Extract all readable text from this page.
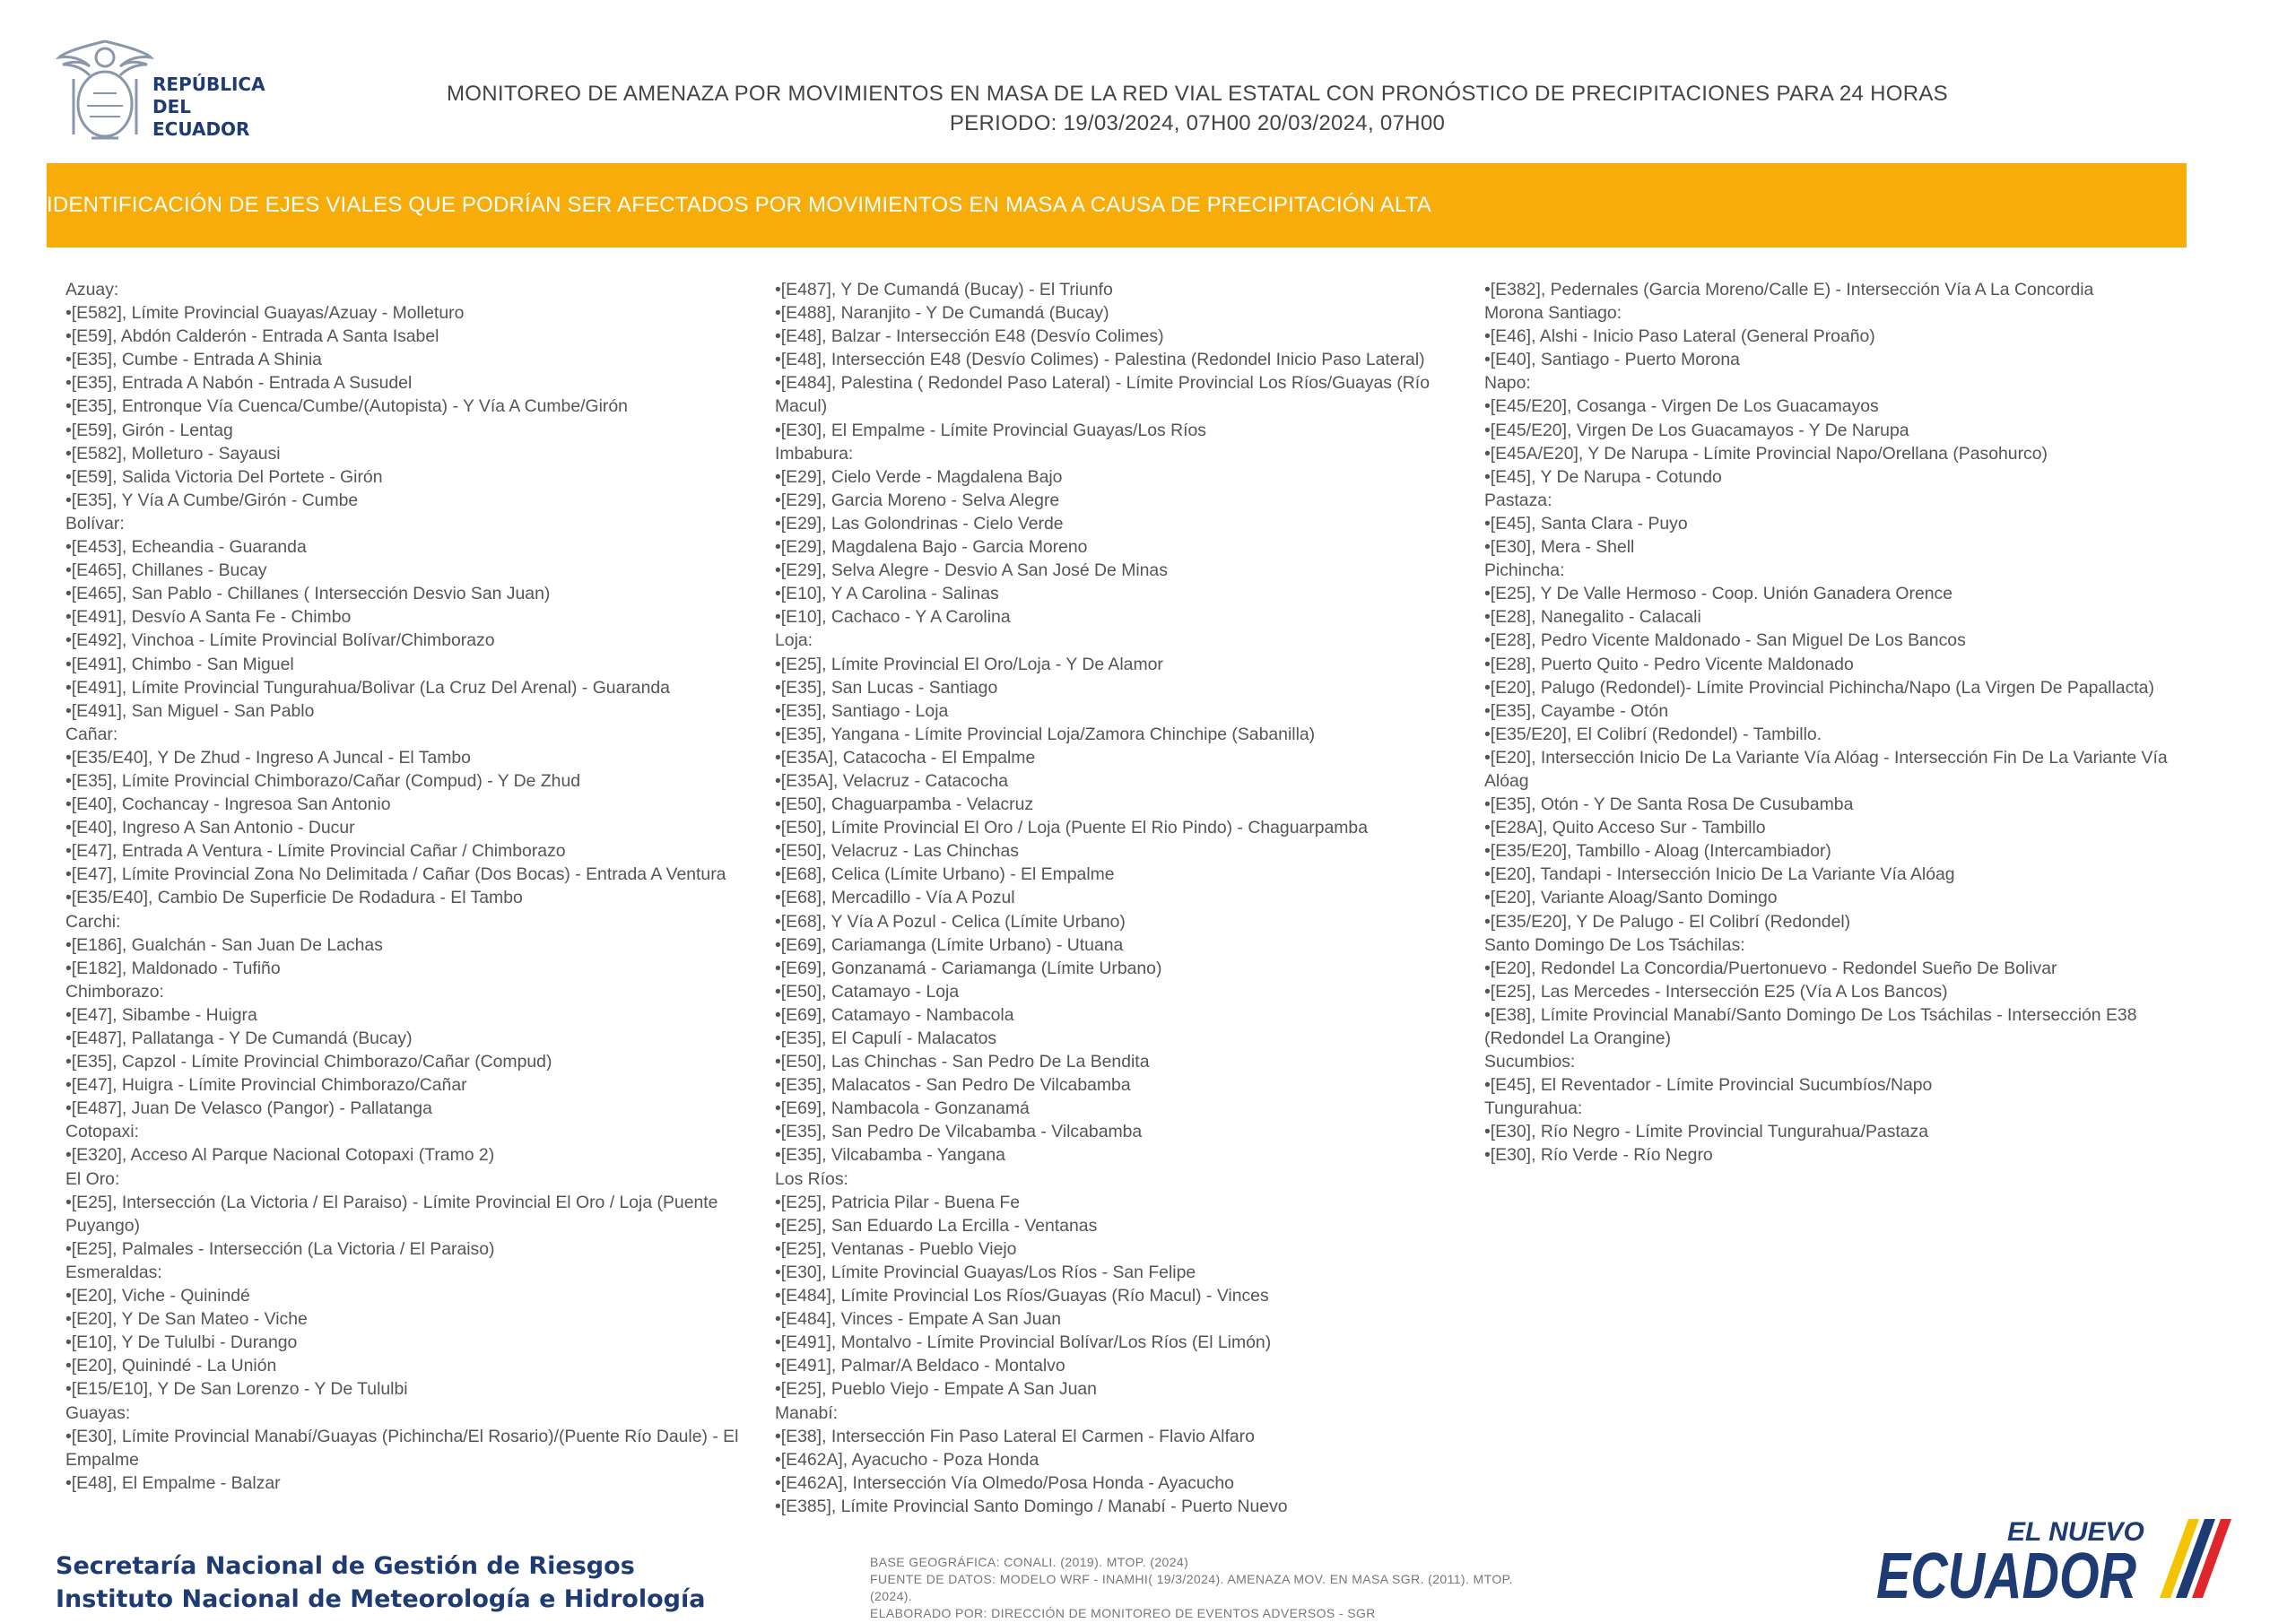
REPÚBLICA
DEL ECUADOR
MONITOREO DE AMENAZA POR MOVIMIENTOS EN MASA DE LA RED VIAL ESTATAL CON PRONÓSTICO DE PRECIPITACIONES PARA 24 HORAS
PERIODO: 19/03/2024, 07H00 20/03/2024, 07H00
IDENTIFICACIÓN DE EJES VIALES QUE PODRÍAN SER AFECTADOS POR MOVIMIENTOS EN MASA A CAUSA DE PRECIPITACIÓN ALTA
Azuay:
•[E582], Límite Provincial Guayas/Azuay - Molleturo
•[E59], Abdón Calderón - Entrada A Santa Isabel
•[E35], Cumbe - Entrada A Shinia
•[E35], Entrada A Nabón - Entrada A Susudel
•[E35], Entronque Vía Cuenca/Cumbe/(Autopista) - Y Vía A Cumbe/Girón
•[E59], Girón - Lentag
•[E582], Molleturo - Sayausi
•[E59], Salida Victoria Del Portete - Girón
•[E35], Y Vía A Cumbe/Girón - Cumbe
Bolívar:
•[E453], Echeandia - Guaranda
•[E465], Chillanes - Bucay
•[E465], San Pablo - Chillanes ( Intersección Desvio San Juan)
•[E491], Desvío A Santa Fe - Chimbo
•[E492], Vinchoa - Límite Provincial Bolívar/Chimborazo
•[E491], Chimbo - San Miguel
•[E491], Límite Provincial Tungurahua/Bolivar (La Cruz Del Arenal) - Guaranda
•[E491], San Miguel - San Pablo
Cañar:
•[E35/E40], Y De Zhud - Ingreso A Juncal - El Tambo
•[E35], Límite Provincial Chimborazo/Cañar (Compud) - Y De Zhud
•[E40], Cochancay - Ingresoa San Antonio
•[E40], Ingreso A San Antonio - Ducur
•[E47], Entrada A Ventura - Límite Provincial Cañar / Chimborazo
•[E47], Límite Provincial Zona No Delimitada / Cañar (Dos Bocas) - Entrada A Ventura
•[E35/E40], Cambio De Superficie De Rodadura - El Tambo
Carchi:
•[E186], Gualchán - San Juan De Lachas
•[E182], Maldonado - Tufiño
Chimborazo:
•[E47], Sibambe - Huigra
•[E487], Pallatanga - Y De Cumandá (Bucay)
•[E35], Capzol - Límite Provincial Chimborazo/Cañar (Compud)
•[E47], Huigra - Límite Provincial Chimborazo/Cañar
•[E487], Juan De Velasco (Pangor) - Pallatanga
Cotopaxi:
•[E320], Acceso Al Parque Nacional Cotopaxi (Tramo 2)
El Oro:
•[E25], Intersección (La Victoria / El Paraiso) - Límite Provincial El Oro / Loja (Puente Puyango)
•[E25], Palmales - Intersección (La Victoria / El Paraiso)
Esmeraldas:
•[E20], Viche - Quinindé
•[E20], Y De San Mateo - Viche
•[E10], Y De Tululbi - Durango
•[E20], Quinindé - La Unión
•[E15/E10], Y De San Lorenzo - Y De Tululbi
Guayas:
•[E30], Límite Provincial Manabí/Guayas (Pichincha/El Rosario)/(Puente Río Daule) - El Empalme
•[E48], El Empalme - Balzar
•[E487], Y De Cumandá (Bucay) - El Triunfo
•[E488], Naranjito - Y De Cumandá (Bucay)
•[E48], Balzar - Intersección E48 (Desvío Colimes)
•[E48], Intersección E48 (Desvío Colimes) - Palestina (Redondel Inicio Paso Lateral)
•[E484], Palestina ( Redondel Paso Lateral) - Límite Provincial Los Ríos/Guayas (Río Macul)
•[E30], El Empalme - Límite Provincial Guayas/Los Ríos
Imbabura:
•[E29], Cielo Verde - Magdalena Bajo
•[E29], Garcia Moreno - Selva Alegre
•[E29], Las Golondrinas - Cielo Verde
•[E29], Magdalena Bajo - Garcia Moreno
•[E29], Selva Alegre - Desvio A San José De Minas
•[E10], Y A Carolina - Salinas
•[E10], Cachaco - Y A Carolina
Loja:
•[E25], Límite Provincial El Oro/Loja - Y De Alamor
•[E35], San Lucas - Santiago
•[E35], Santiago - Loja
•[E35], Yangana - Límite Provincial Loja/Zamora Chinchipe (Sabanilla)
•[E35A], Catacocha - El Empalme
•[E35A], Velacruz - Catacocha
•[E50], Chaguarpamba - Velacruz
•[E50], Límite Provincial El Oro / Loja (Puente El Rio Pindo) - Chaguarpamba
•[E50], Velacruz - Las Chinchas
•[E68], Celica (Límite Urbano) - El Empalme
•[E68], Mercadillo - Vía A Pozul
•[E68], Y Vía A Pozul - Celica (Límite Urbano)
•[E69], Cariamanga (Límite Urbano) - Utuana
•[E69], Gonzanamá - Cariamanga (Límite Urbano)
•[E50], Catamayo - Loja
•[E69], Catamayo - Nambacola
•[E35], El Capulí - Malacatos
•[E50], Las Chinchas - San Pedro De La Bendita
•[E35], Malacatos - San Pedro De Vilcabamba
•[E69], Nambacola - Gonzanamá
•[E35], San Pedro De Vilcabamba - Vilcabamba
•[E35], Vilcabamba - Yangana
Los Ríos:
•[E25], Patricia Pilar - Buena Fe
•[E25], San Eduardo La Ercilla - Ventanas
•[E25], Ventanas - Pueblo Viejo
•[E30], Límite Provincial Guayas/Los Ríos - San Felipe
•[E484], Límite Provincial Los Ríos/Guayas (Río Macul) - Vinces
•[E484], Vinces - Empate A San Juan
•[E491], Montalvo - Límite Provincial Bolívar/Los Ríos (El Limón)
•[E491], Palmar/A Beldaco - Montalvo
•[E25], Pueblo Viejo - Empate A San Juan
Manabí:
•[E38], Intersección Fin Paso Lateral El Carmen - Flavio Alfaro
•[E462A], Ayacucho - Poza Honda
•[E462A], Intersección Vía Olmedo/Posa Honda - Ayacucho
•[E385], Límite Provincial Santo Domingo / Manabí - Puerto Nuevo
•[E382], Pedernales (Garcia Moreno/Calle E) - Intersección Vía A La Concordia
Morona Santiago:
•[E46], Alshi - Inicio Paso Lateral (General Proaño)
•[E40], Santiago - Puerto Morona
Napo:
•[E45/E20], Cosanga - Virgen De Los Guacamayos
•[E45/E20], Virgen De Los Guacamayos - Y De Narupa
•[E45A/E20], Y De Narupa - Límite Provincial Napo/Orellana (Pasohurco)
•[E45], Y De Narupa - Cotundo
Pastaza:
•[E45], Santa Clara - Puyo
•[E30], Mera - Shell
Pichincha:
•[E25], Y De Valle Hermoso - Coop. Unión Ganadera Orence
•[E28], Nanegalito - Calacali
•[E28], Pedro Vicente Maldonado - San Miguel De Los Bancos
•[E28], Puerto Quito - Pedro Vicente Maldonado
•[E20], Palugo (Redondel)- Límite Provincial Pichincha/Napo (La Virgen De Papallacta)
•[E35], Cayambe - Otón
•[E35/E20], El Colibrí (Redondel) - Tambillo.
•[E20], Intersección Inicio De La Variante Vía Alóag - Intersección Fin De La Variante Vía Alóag
•[E35], Otón - Y De Santa Rosa De Cusubamba
•[E28A], Quito Acceso Sur - Tambillo
•[E35/E20], Tambillo - Aloag (Intercambiador)
•[E20], Tandapi - Intersección Inicio De La Variante Vía Alóag
•[E20], Variante Aloag/Santo Domingo
•[E35/E20], Y De Palugo - El Colibrí (Redondel)
Santo Domingo De Los Tsáchilas:
•[E20], Redondel La Concordia/Puertonuevo - Redondel Sueño De Bolivar
•[E25], Las Mercedes - Intersección E25 (Vía A Los Bancos)
•[E38], Límite Provincial Manabí/Santo Domingo De Los Tsáchilas - Intersección E38 (Redondel La Orangine)
Sucumbios:
•[E45], El Reventador - Límite Provincial Sucumbíos/Napo
Tungurahua:
•[E30], Río Negro - Límite Provincial Tungurahua/Pastaza
•[E30], Río Verde - Río Negro
Secretaría Nacional de Gestión de Riesgos
Instituto Nacional de Meteorología e Hidrología
BASE GEOGRÁFICA: CONALI. (2019). MTOP. (2024)
FUENTE DE DATOS: MODELO WRF - INAMHI( 19/3/2024). AMENAZA MOV. EN MASA SGR. (2011). MTOP. (2024).
ELABORADO POR: DIRECCIÓN DE MONITOREO DE EVENTOS ADVERSOS - SGR
EL NUEVO
ECUADOR
